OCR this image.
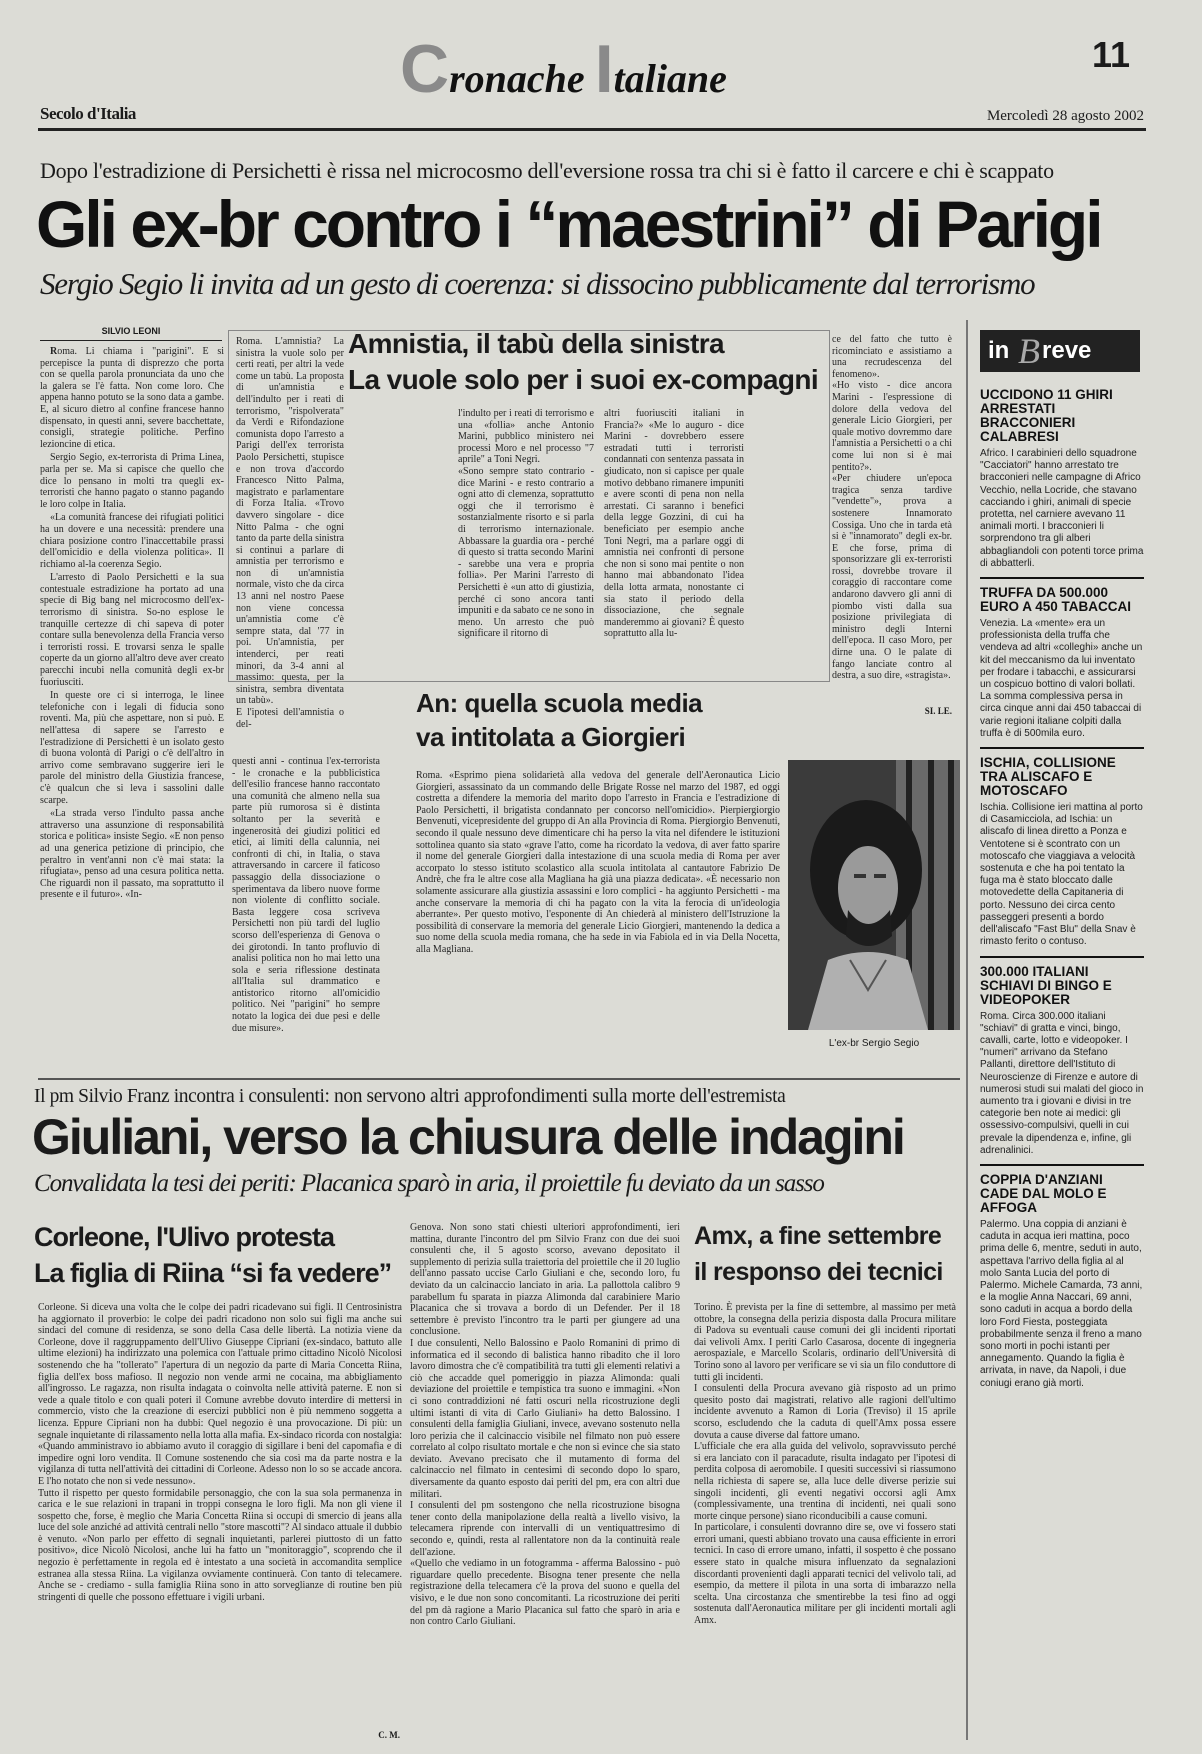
Cronache Italiane
11
Secolo d'Italia	Mercoledì 28 agosto 2002
Dopo l'estradizione di Persichetti è rissa nel microcosmo dell'eversione rossa tra chi si è fatto il carcere e chi è scappato
Gli ex-br contro i “maestrini” di Parigi
Sergio Segio li invita ad un gesto di coerenza: si dissocino pubblicamente dal terrorismo
SILVIO LEONI

Roma. Li chiama i "parigini". E si percepisce la punta di disprezzo che porta con se quella parola pronunciata da uno che la galera se l'è fatta. Non come loro. Che appena hanno potuto se la sono data a gambe. E, al sicuro dietro al confine francese hanno dispensato, in questi anni, severe bacchettate, consigli, strategie politiche. Perfino lezioncine di etica.

Sergio Segio, ex-terrorista di Prima Linea, parla per se. Ma si capisce che quello che dice lo pensano in molti tra quegli ex-terroristi che hanno pagato o stanno pagando le loro colpe in Italia.

«La comunità francese dei rifugiati politici ha un dovere e una necessità: prendere una chiara posizione contro l'inaccettabile prassi dell'omicidio e della violenza politica». Il richiamo al-la coerenza Segio.

L'arresto di Paolo Persichetti e la sua contestuale estradizione ha portato ad una specie di Big bang nel microcosmo dell'ex-terrorismo di sinistra. So-no esplose le tranquille certezze di chi sapeva di poter contare sulla benevolenza della Francia verso i terroristi rossi. E trovarsi senza le spalle coperte da un giorno all'altro deve aver creato parecchi incubi nella comunità degli ex-br fuoriusciti.

In queste ore ci si interroga, le linee telefoniche con i legali di fiducia sono roventi. Ma, più che aspettare, non si può. E nell'attesa di sapere se l'arresto e l'estradizione di Persichetti è un isolato gesto di buona volontà di Parigi o c'è dell'altro in arrivo come sembravano suggerire ieri le parole del ministro della Giustizia francese, c'è qualcun che si leva i sassolini dalle scarpe.

«La strada verso l'indulto passa anche attraverso una assunzione di responsabilità storica e politica» insiste Segio. «E non penso ad una generica petizione di principio, che peraltro in vent'anni non c'è mai stata: la rifugiata», penso ad una cesura politica netta. Che riguardi non il passato, ma soprattutto il presente e il futuro». «In-

Amnistia, il tabù della sinistra
La vuole solo per i suoi ex-compagni
Roma. L'amnistia? La sinistra la vuole solo per certi reati, per altri la vede come un tabù. La proposta di un'amnistia e dell'indulto per i reati di terrorismo, "rispolverata" da Verdi e Rifondazione comunista dopo l'arresto a Parigi dell'ex terrorista Paolo Persichetti, stupisce e non trova d'accordo Francesco Nitto Palma, magistrato e parlamentare di Forza Italia. «Trovo davvero singolare - dice Nitto Palma - che ogni tanto da parte della sinistra si continui a parlare di amnistia per terrorismo e non di un'amnistia normale, visto che da circa 13 anni nel nostro Paese non viene concessa un'amnistia come c'è sempre stata, dal '77 in poi. Un'amnistia, per intenderci, per reati minori, da 3-4 anni al massimo: questa, per la sinistra, sembra diventata un tabù».
E l'ipotesi dell'amnistia o del-
l'indulto per i reati di terrorismo e una «follia» anche Antonio Marini, pubblico ministero nei processi Moro e nel processo "7 aprile" a Toni Negri.
«Sono sempre stato contrario - dice Marini - e resto contrario a ogni atto di clemenza, soprattutto oggi che il terrorismo è sostanzialmente risorto e si parla di terrorismo internazionale. Abbassare la guardia ora - perché di questo si tratta secondo Marini - sarebbe una vera e propria follia». Per Marini l'arresto di Persichetti è «un atto di giustizia, perché ci sono ancora tanti impuniti e da sabato ce ne sono in meno. Un arresto che può significare il ritorno di
altri fuoriusciti italiani in Francia?» «Me lo auguro - dice Marini - dovrebbero essere estradati tutti i terroristi condannati con sentenza passata in giudicato, non si capisce per quale motivo debbano rimanere impuniti e avere sconti di pena non nella arrestati. Ci saranno i benefici della legge Gozzini, di cui ha beneficiato per esempio anche Toni Negri, ma a parlare oggi di amnistia nei confronti di persone che non si sono mai pentite o non hanno mai abbandonato l'idea della lotta armata, nonostante ci sia stato il periodo della dissociazione, che segnale manderemmo ai giovani? È questo soprattutto alla lu-
ce del fatto che tutto è ricominciato e assistiamo a una recrudescenza del fenomeno».
«Ho visto - dice ancora Marini - l'espressione di dolore della vedova del generale Licio Giorgieri, per quale motivo dovremmo dare l'amnistia a Persichetti o a chi come lui non si è mai pentito?».
«Per chiudere un'epoca tragica senza tardive "vendette"», prova a sostenere Innamorato Cossiga. Uno che in tarda età si è "innamorato" degli ex-br. E che forse, prima di sponsorizzare gli ex-terroristi rossi, dovrebbe trovare il coraggio di raccontare come andarono davvero gli anni di piombo visti dalla sua posizione privilegiata di ministro degli Interni dell'epoca. Il caso Moro, per dirne una. O le palate di fango lanciate contro al destra, a suo dire, «stragista».
SI. LE.
questi anni - continua l'ex-terrorista - le cronache e la pubblicistica dell'esilio francese hanno raccontato una comunità che almeno nella sua parte più rumorosa si è distinta soltanto per la severità e ingenerosità dei giudizi politici ed etici, ai limiti della calunnia, nei confronti di chi, in Italia, o stava attraversando in carcere il faticoso passaggio della dissociazione o sperimentava da libero nuove forme non violente di conflitto sociale. Basta leggere cosa scriveva Persichetti non più tardi del luglio scorso dell'esperienza di Genova o dei girotondi. In tanto profluvio di analisi politica non ho mai letto una sola e seria riflessione destinata all'Italia sul drammatico e antistorico ritorno all'omicidio politico. Nei "parigini" ho sempre notato la logica dei due pesi e delle due misure».
An: quella scuola media
va intitolata a Giorgieri
Roma. «Esprimo piena solidarietà alla vedova del generale dell'Aeronautica Licio Giorgieri, assassinato da un commando delle Brigate Rosse nel marzo del 1987, ed oggi costretta a difendere la memoria del marito dopo l'arresto in Francia e l'estradizione di Paolo Persichetti, il brigatista condannato per concorso nell'omicidio». Pierpiergiorgio Benvenuti, vicepresidente del gruppo di An alla Provincia di Roma. Piergiorgio Benvenuti, secondo il quale nessuno deve dimenticare chi ha perso la vita nel difendere le istituzioni sottolinea quanto sia stato «grave l'atto, come ha ricordato la vedova, di aver fatto sparire il nome del generale Giorgieri dalla intestazione di una scuola media di Roma per aver accorpato lo stesso istituto scolastico alla scuola intitolata al cantautore Fabrizio De Andrè, che fra le altre cose alla Magliana ha già una piazza dedicata». «È necessario non solamente assicurare alla giustizia assassini e loro complici - ha aggiunto Persichetti - ma anche conservare la memoria di chi ha pagato con la vita la ferocia di un'ideologia aberrante». Per questo motivo, l'esponente di An chiederà al ministero dell'Istruzione la possibilità di conservare la memoria del generale Licio Giorgieri, mantenendo la dedica a suo nome della scuola media romana, che ha sede in via Fabiola ed in via Della Nocetta, alla Magliana.
L'ex-br Sergio Segio
in B reve
UCCIDONO 11 GHIRI ARRESTATI BRACCONIERI CALABRESI
Africo. I carabinieri dello squadrone "Cacciatori" hanno arrestato tre bracconieri nelle campagne di Africo Vecchio, nella Locride, che stavano cacciando i ghiri, animali di specie protetta, nel carniere avevano 11 animali morti. I bracconieri li sorprendono tra gli alberi abbagliandoli con potenti torce prima di abbatterli.
TRUFFA DA 500.000 EURO A 450 TABACCAI
Venezia. La «mente» era un professionista della truffa che vendeva ad altri «colleghi» anche un kit del meccanismo da lui inventato per frodare i tabacchi, e assicurarsi un cospicuo bottino di valori bollati. La somma complessiva persa in circa cinque anni dai 450 tabaccai di varie regioni italiane colpiti dalla truffa è di 500mila euro.
ISCHIA, COLLISIONE TRA ALISCAFO E MOTOSCAFO
Ischia. Collisione ieri mattina al porto di Casamicciola, ad Ischia: un aliscafo di linea diretto a Ponza e Ventotene si è scontrato con un motoscafo che viaggiava a velocità sostenuta e che ha poi tentato la fuga ma è stato bloccato dalle motovedette della Capitaneria di porto. Nessuno dei circa cento passeggeri presenti a bordo dell'aliscafo "Fast Blu" della Snav è rimasto ferito o contuso.
300.000 ITALIANI SCHIAVI DI BINGO E VIDEOPOKER
Roma. Circa 300.000 italiani "schiavi" di gratta e vinci, bingo, cavalli, carte, lotto e videopoker. I "numeri" arrivano da Stefano Pallanti, direttore dell'Istituto di Neuroscienze di Firenze e autore di numerosi studi sui malati del gioco in aumento tra i giovani e divisi in tre categorie ben note ai medici: gli ossessivo-compulsivi, quelli in cui prevale la dipendenza e, infine, gli adrenalinici.
COPPIA D'ANZIANI CADE DAL MOLO E AFFOGA
Palermo. Una coppia di anziani è caduta in acqua ieri mattina, poco prima delle 6, mentre, seduti in auto, aspettava l'arrivo della figlia al al molo Santa Lucia del porto di Palermo. Michele Camarda, 73 anni, e la moglie Anna Naccari, 69 anni, sono caduti in acqua a bordo della loro Ford Fiesta, posteggiata probabilmente senza il freno a mano sono morti in pochi istanti per annegamento. Quando la figlia è arrivata, in nave, da Napoli, i due coniugi erano già morti.
Il pm Silvio Franz incontra i consulenti: non servono altri approfondimenti sulla morte dell'estremista
Giuliani, verso la chiusura delle indagini
Convalidata la tesi dei periti: Placanica sparò in aria, il proiettile fu deviato da un sasso
Corleone, l'Ulivo protesta
La figlia di Riina “si fa vedere”
Corleone. Si diceva una volta che le colpe dei padri ricadevano sui figli. Il Centrosinistra ha aggiornato il proverbio: le colpe dei padri ricadono non solo sui figli ma anche sui sindaci del comune di residenza, se sono della Casa delle libertà. La notizia viene da Corleone, dove il raggruppamento dell'Ulivo Giuseppe Cipriani (ex-sindaco, battuto alle ultime elezioni) ha indirizzato una polemica con l'attuale primo cittadino Nicolò Nicolosi sostenendo che ha "tollerato" l'apertura di un negozio da parte di Maria Concetta Riina, figlia dell'ex boss mafioso. Il negozio non vende armi ne cocaina, ma abbigliamento all'ingrosso. Le ragazza, non risulta indagata o coinvolta nelle attività paterne. E non si vede a quale titolo e con quali poteri il Comune avrebbe dovuto interdire di mettersi in commercio, visto che la creazione di esercizi pubblici non è più nemmeno soggetta a licenza. Eppure Cipriani non ha dubbi: Quel negozio è una provocazione. Di più: un segnale inquietante di rilassamento nella lotta alla mafia. Ex-sindaco ricorda con nostalgia: «Quando amministravo io abbiamo avuto il coraggio di sigillare i beni del capomafia e di impedire ogni loro vendita. Il Comune sostenendo che sia così ma da parte nostra e la vigilanza di tutta nell'attività dei cittadini di Corleone. Adesso non lo so se accade ancora. E l'ho notato che non si vede nessuno».
Tutto il rispetto per questo formidabile personaggio, che con la sua sola permanenza in carica e le sue relazioni in trapani in troppi consegna le loro figli. Ma non gli viene il sospetto che, forse, è meglio che Maria Concetta Riina si occupi di smercio di jeans alla luce del sole anziché ad attività centrali nello "store mascotti"? Al sindaco attuale il dubbio è venuto. «Non parlo per effetto di segnali inquietanti, parlerei piuttosto di un fatto positivo», dice Nicolò Nicolosi, anche lui ha fatto un "monitoraggio", scoprendo che il negozio è perfettamente in regola ed è intestato a una società in accomandita semplice estranea alla stessa Riina. La vigilanza ovviamente continuerà. Con tanto di telecamere. Anche se - crediamo - sulla famiglia Riina sono in atto sorveglianze di routine ben più stringenti di quelle che possono effettuare i vigili urbani.
C. M.
Genova. Non sono stati chiesti ulteriori approfondimenti, ieri mattina, durante l'incontro del pm Silvio Franz con due dei suoi consulenti che, il 5 agosto scorso, avevano depositato il supplemento di perizia sulla traiettoria del proiettile che il 20 luglio dell'anno passato uccise Carlo Giuliani e che, secondo loro, fu deviato da un calcinaccio lanciato in aria. La pallottola calibro 9 parabellum fu sparata in piazza Alimonda dal carabiniere Mario Placanica che si trovava a bordo di un Defender. Per il 18 settembre è previsto l'incontro tra le parti per giungere ad una conclusione.
I due consulenti, Nello Balossino e Paolo Romanini di primo di informatica ed il secondo di balistica hanno ribadito che il loro lavoro dimostra che c'è compatibilità tra tutti gli elementi relativi a ciò che accadde quel pomeriggio in piazza Alimonda: quali deviazione del proiettile e tempistica tra suono e immagini. «Non ci sono contraddizioni né fatti oscuri nella ricostruzione degli ultimi istanti di vita di Carlo Giuliani» ha detto Balossino. I consulenti della famiglia Giuliani, invece, avevano sostenuto nella loro perizia che il calcinaccio visibile nel filmato non può essere correlato al colpo risultato mortale e che non si evince che sia stato deviato. Avevano precisato che il mutamento di forma del calcinaccio nel filmato in centesimi di secondo dopo lo sparo, diversamente da quanto esposto dai periti del pm, era con altri due militari.
I consulenti del pm sostengono che nella ricostruzione bisogna tener conto della manipolazione della realtà a livello visivo, la telecamera riprende con intervalli di un ventiquattresimo di secondo e, quindi, resta al rallentatore non da la continuità reale dell'azione.
«Quello che vediamo in un fotogramma - afferma Balossino - può riguardare quello precedente. Bisogna tener presente che nella registrazione della telecamera c'è la prova del suono e quella del visivo, e le due non sono concomitanti. La ricostruzione dei periti del pm dà ragione a Mario Placanica sul fatto che sparò in aria e non contro Carlo Giuliani.
Amx, a fine settembre
il responso dei tecnici
Torino. È prevista per la fine di settembre, al massimo per metà ottobre, la consegna della perizia disposta dalla Procura militare di Padova su eventuali cause comuni dei gli incidenti riportati dai velivoli Amx. I periti Carlo Casarosa, docente di ingegneria aerospaziale, e Marcello Scolaris, ordinario dell'Università di Torino sono al lavoro per verificare se vi sia un filo conduttore di tutti gli incidenti.
I consulenti della Procura avevano già risposto ad un primo quesito posto dai magistrati, relativo alle ragioni dell'ultimo incidente avvenuto a Ramon di Loria (Treviso) il 15 aprile scorso, escludendo che la caduta di quell'Amx possa essere dovuta a cause diverse dal fattore umano.
L'ufficiale che era alla guida del velivolo, sopravvissuto perché si era lanciato con il paracadute, risulta indagato per l'ipotesi di perdita colposa di aeromobile. I quesiti successivi si riassumono nella richiesta di sapere se, alla luce delle diverse perizie sui singoli incidenti, gli eventi negativi occorsi agli Amx (complessivamente, una trentina di incidenti, nei quali sono morte cinque persone) siano riconducibili a cause comuni.
In particolare, i consulenti dovranno dire se, ove vi fossero stati errori umani, questi abbiano trovato una causa efficiente in errori tecnici. In caso di errore umano, infatti, il sospetto è che possano essere stato in qualche misura influenzato da segnalazioni discordanti provenienti dagli apparati tecnici del velivolo tali, ad esempio, da mettere il pilota in una sorta di imbarazzo nella scelta. Una circostanza che smentirebbe la tesi fino ad oggi sostenuta dall'Aeronautica militare per gli incidenti mortali agli Amx.
